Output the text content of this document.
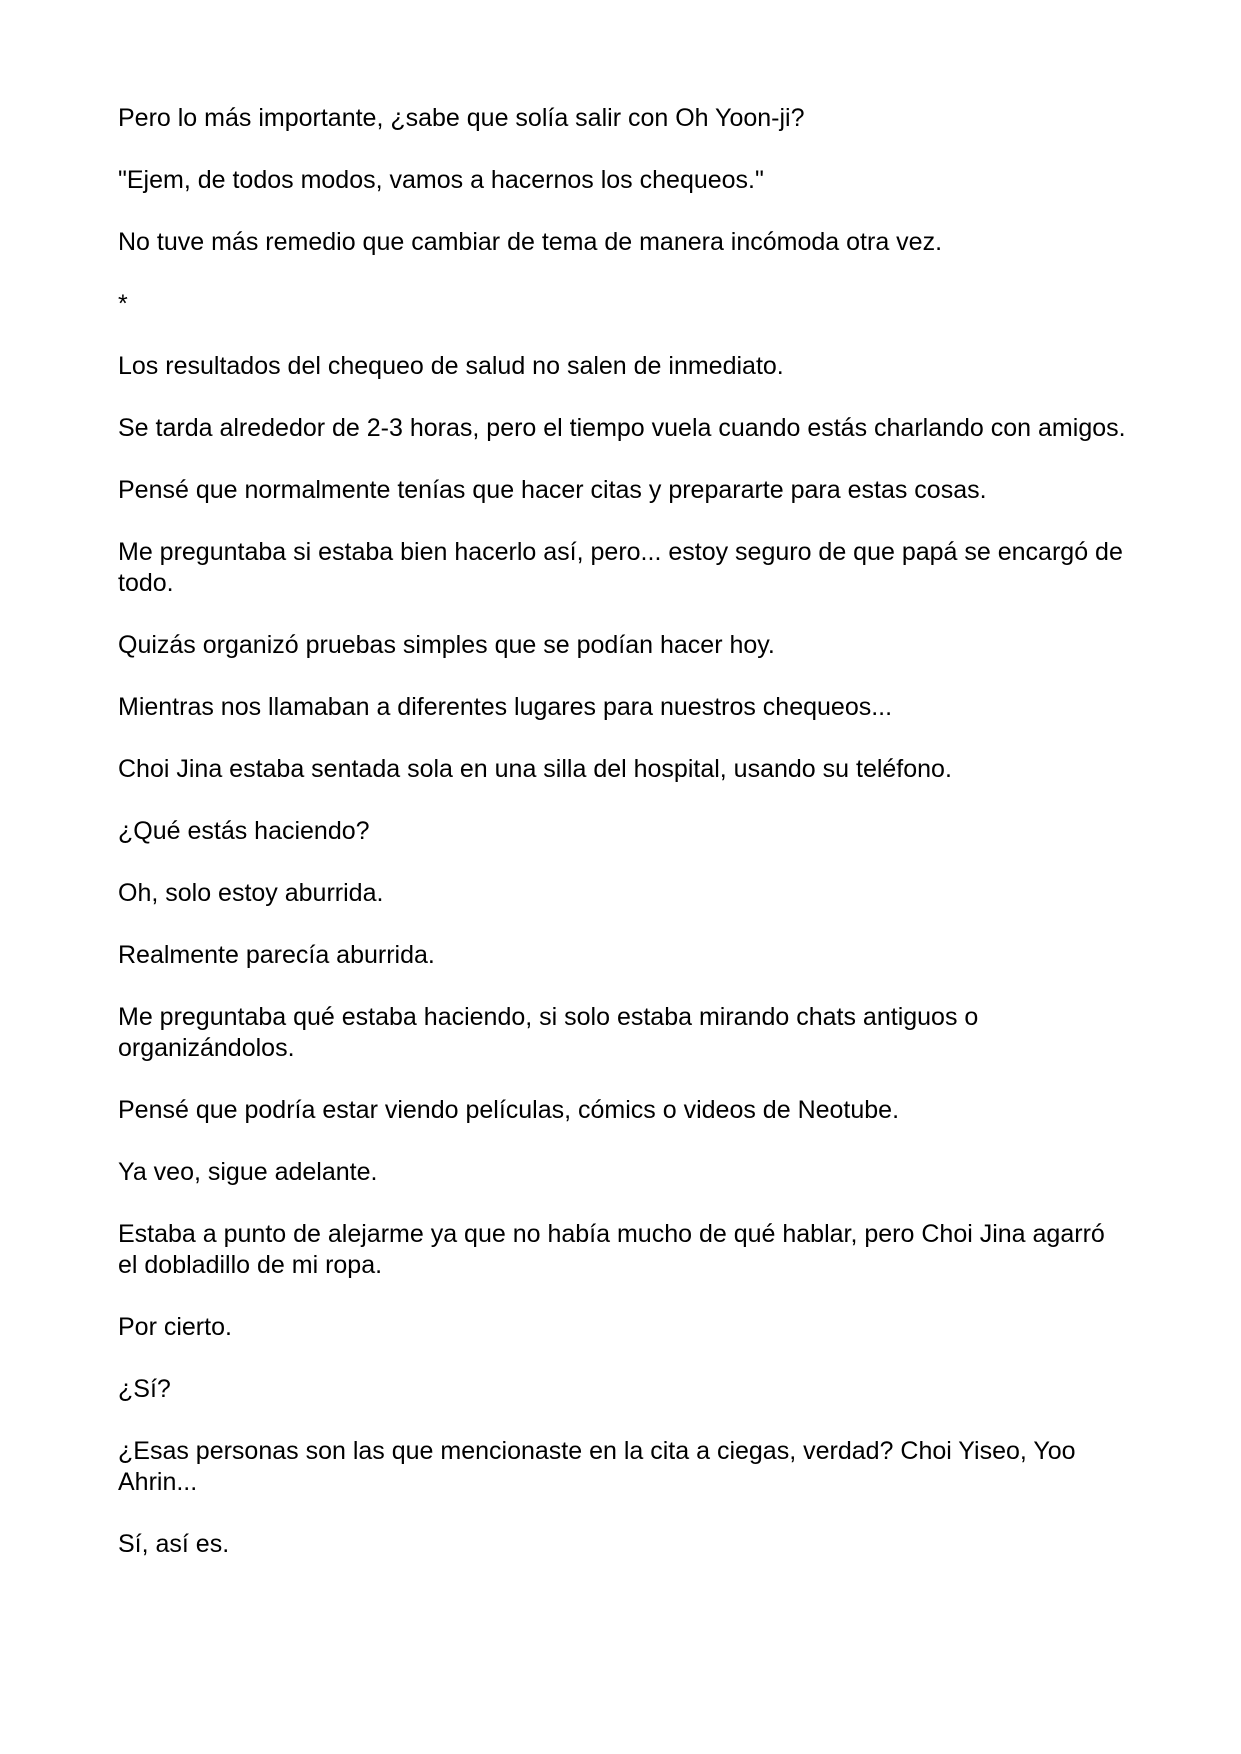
Pero lo más importante, ¿sabe que solía salir con Oh Yoon-ji?

"Ejem, de todos modos, vamos a hacernos los chequeos."

No tuve más remedio que cambiar de tema de manera incómoda otra vez.

*

Los resultados del chequeo de salud no salen de inmediato.

Se tarda alrededor de 2-3 horas, pero el tiempo vuela cuando estás charlando con amigos.

Pensé que normalmente tenías que hacer citas y prepararte para estas cosas.

Me preguntaba si estaba bien hacerlo así, pero... estoy seguro de que papá se encargó de todo.

Quizás organizó pruebas simples que se podían hacer hoy.

Mientras nos llamaban a diferentes lugares para nuestros chequeos...

Choi Jina estaba sentada sola en una silla del hospital, usando su teléfono.

¿Qué estás haciendo?

Oh, solo estoy aburrida.

Realmente parecía aburrida.

Me preguntaba qué estaba haciendo, si solo estaba mirando chats antiguos o organizándolos.

Pensé que podría estar viendo películas, cómics o videos de Neotube.

Ya veo, sigue adelante.

Estaba a punto de alejarme ya que no había mucho de qué hablar, pero Choi Jina agarró el dobladillo de mi ropa.

Por cierto.

¿Sí?

¿Esas personas son las que mencionaste en la cita a ciegas, verdad? Choi Yiseo, Yoo Ahrin...

Sí, así es.
